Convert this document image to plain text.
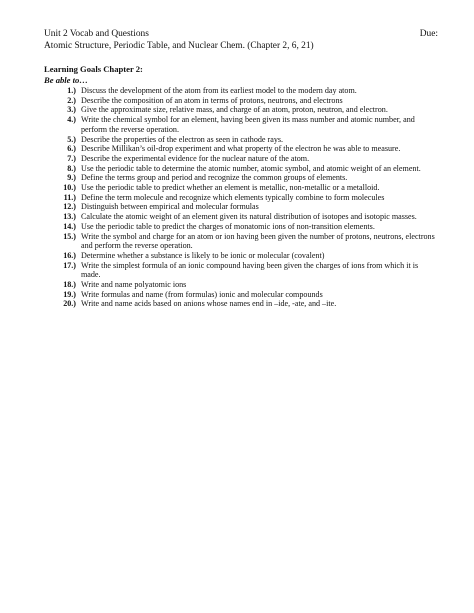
Unit 2 Vocab and Questions	Due:
Atomic Structure, Periodic Table, and Nuclear Chem. (Chapter 2, 6, 21)
Learning Goals Chapter 2:
Be able to…
1.) Discuss the development of the atom from its earliest model to the modern day atom.
2.) Describe the composition of an atom in terms of protons, neutrons, and electrons
3.) Give the approximate size, relative mass, and charge of an atom, proton, neutron, and electron.
4.) Write the chemical symbol for an element, having been given its mass number and atomic number, and perform the reverse operation.
5.) Describe the properties of the electron as seen in cathode rays.
6.) Describe Millikan’s oil-drop experiment and what property of the electron he was able to measure.
7.) Describe the experimental evidence for the nuclear nature of the atom.
8.) Use the periodic table to determine the atomic number, atomic symbol, and atomic weight of an element.
9.) Define the terms group and period and recognize the common groups of elements.
10.) Use the periodic table to predict whether an element is metallic, non-metallic or a metalloid.
11.) Define the term molecule and recognize which elements typically combine to form molecules
12.) Distinguish between empirical and molecular formulas
13.) Calculate the atomic weight of an element given its natural distribution of isotopes and isotopic masses.
14.) Use the periodic table to predict the charges of monatomic ions of non-transition elements.
15.) Write the symbol and charge for an atom or ion having been given the number of protons, neutrons, electrons and perform the reverse operation.
16.) Determine whether a substance is likely to be ionic or molecular (covalent)
17.) Write the simplest formula of an ionic compound having been given the charges of ions from which it is made.
18.) Write and name polyatomic ions
19.) Write formulas and name (from formulas) ionic and molecular compounds
20.) Write and name acids based on anions whose names end in –ide, -ate, and –ite.
